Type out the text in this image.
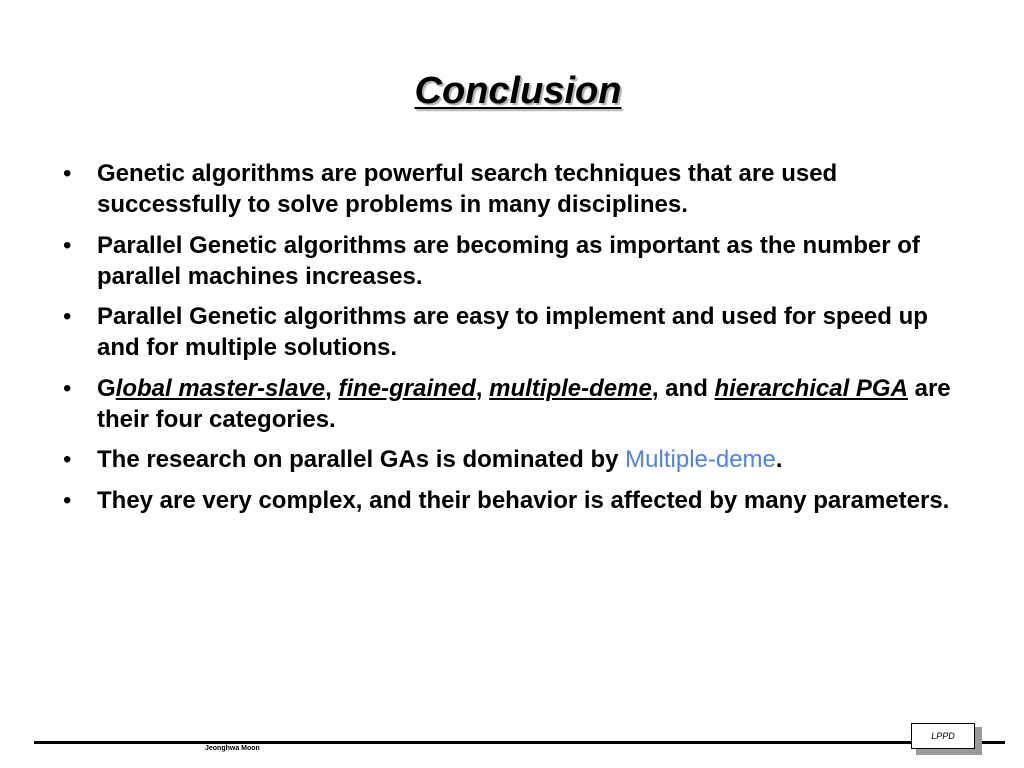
Conclusion
• Genetic algorithms are powerful search techniques that are used successfully to solve problems in many disciplines.
• Parallel Genetic algorithms are becoming as important as the number of parallel machines increases.
• Parallel Genetic algorithms are easy to implement and used for speed up and for multiple solutions.
• Global master-slave, fine-grained, multiple-deme, and hierarchical PGA are their four categories.
• The research on parallel GAs is dominated by Multiple-deme.
• They are very complex, and their behavior is affected by many parameters.
Jeonghwa Moon
LPPD
